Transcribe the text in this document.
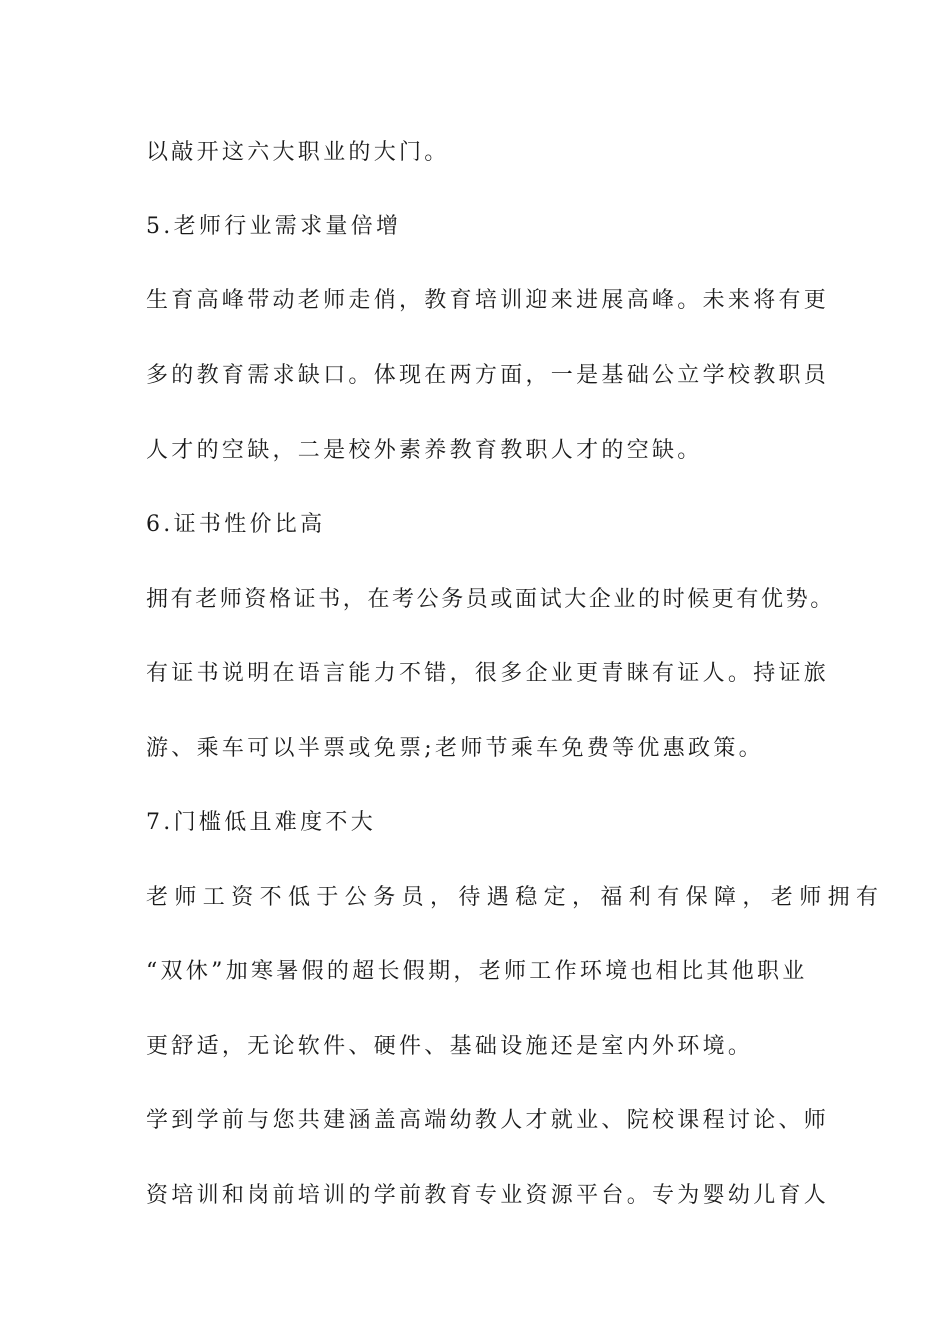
以敲开这六大职业的大门。
5.老师行业需求量倍增
生育高峰带动老师走俏，教育培训迎来进展高峰。未来将有更
多的教育需求缺口。体现在两方面，一是基础公立学校教职员
人才的空缺，二是校外素养教育教职人才的空缺。
6.证书性价比高
拥有老师资格证书，在考公务员或面试大企业的时候更有优势。
有证书说明在语言能力不错，很多企业更青睐有证人。持证旅
游、乘车可以半票或免票;老师节乘车免费等优惠政策。
7.门槛低且难度不大
老师工资不低于公务员，待遇稳定，福利有保障，老师拥有
“双休”加寒暑假的超长假期，老师工作环境也相比其他职业
更舒适，无论软件、硬件、基础设施还是室内外环境。
学到学前与您共建涵盖高端幼教人才就业、院校课程讨论、师
资培训和岗前培训的学前教育专业资源平台。专为婴幼儿育人
